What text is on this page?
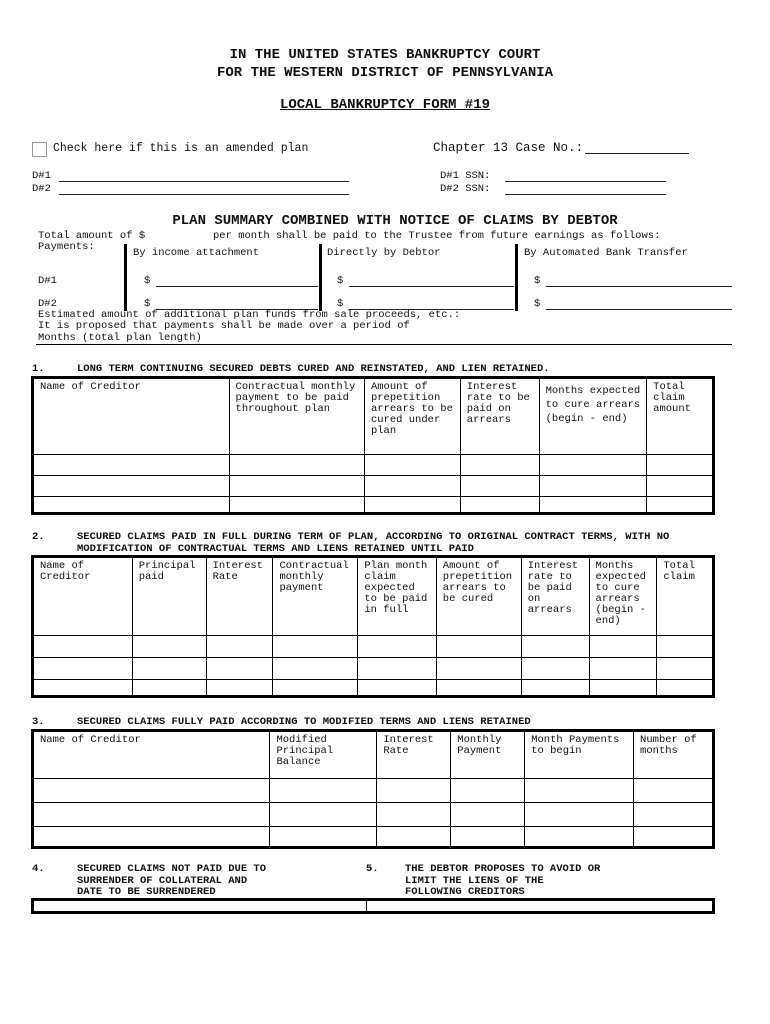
IN THE UNITED STATES BANKRUPTCY COURT
FOR THE WESTERN DISTRICT OF PENNSYLVANIA
LOCAL BANKRUPTCY FORM #19
Check here if this is an amended plan	Chapter 13 Case No.:
D#1
D#2
D#1 SSN:
D#2 SSN:
PLAN SUMMARY COMBINED WITH NOTICE OF CLAIMS BY DEBTOR
Total amount of $	per month shall be paid to the Trustee from future earnings as follows:
Payments:	By income attachment	Directly by Debtor	By Automated Bank Transfer
D#1	$	$	$
D#2	$	$	$
Estimated amount of additional plan funds from sale proceeds, etc.:
It is proposed that payments shall be made over a period of
Months (total plan length)
1.	LONG TERM CONTINUING SECURED DEBTS CURED AND REINSTATED, AND LIEN RETAINED.
Name of Creditor	Contractual monthly payment to be paid throughout plan	Amount of prepetition arrears to be cured under plan	Interest rate to be paid on arrears	Months expected to cure arrears (begin - end)	Total claim amount

2.	SECURED CLAIMS PAID IN FULL DURING TERM OF PLAN, ACCORDING TO ORIGINAL CONTRACT TERMS, WITH NO
MODIFICATION OF CONTRACTUAL TERMS AND LIENS RETAINED UNTIL PAID
Name of Creditor	Principal paid	Interest Rate	Contractual monthly payment	Plan month claim expected to be paid in full	Amount of prepetition arrears to be cured	Interest rate to be paid on arrears	Months expected to cure arrears (begin - end)	Total claim

3.	SECURED CLAIMS FULLY PAID ACCORDING TO MODIFIED TERMS AND LIENS RETAINED
Name of Creditor	Modified Principal Balance	Interest Rate	Monthly Payment	Month Payments to begin	Number of months

4.	SECURED CLAIMS NOT PAID DUE TO
SURRENDER OF COLLATERAL AND
DATE TO BE SURRENDERED
5.	THE DEBTOR PROPOSES TO AVOID OR
LIMIT THE LIENS OF THE
FOLLOWING CREDITORS
